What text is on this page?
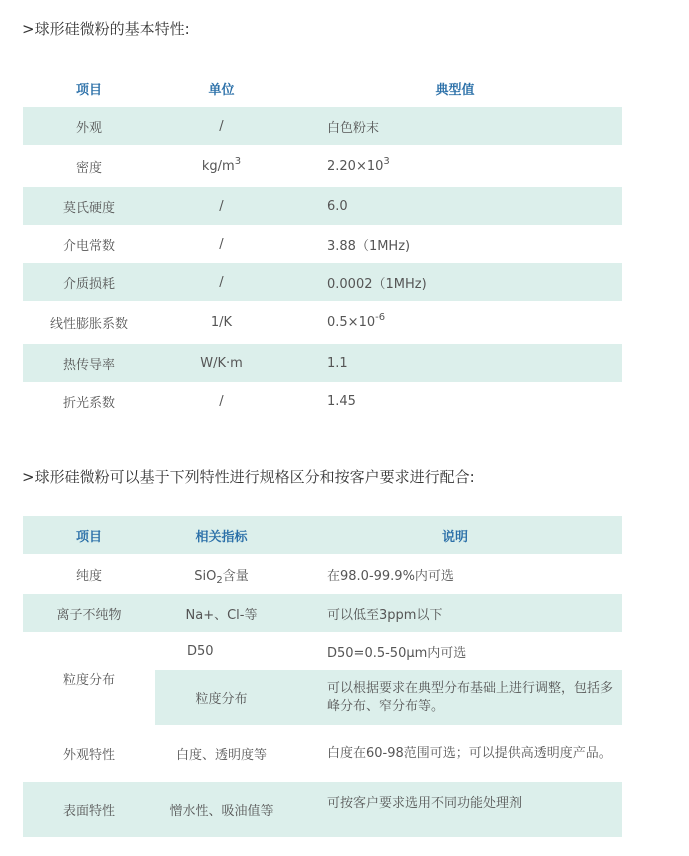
>球形硅微粉的基本特性:
项目	单位	典型值
外观	/	白色粉末
密度	$kg/m^3$	$2.20\times 10^3$
莫氏硬度	/	6.0
介电常数	/	3.88（1MHz)
介质损耗	/	0.0002（1MHz)
线性膨胀系数	1/K	$0.5\times 10^{-6}$
热传导率	W/K·m	1.1
折光系数	/	1.45
>球形硅微粉可以基于下列特性进行规格区分和按客户要求进行配合:
项目	相关指标	说明
纯度	SiO$_2$含量	在98.0-99.9%内可选
离子不纯物	Na+、Cl-等	可以低至3ppm以下
粒度分布	D50	D50=0.5-50μm内可选
	粒度分布	可以根据要求在典型分布基础上进行调整，包括多峰分布、窄分布等。
外观特性	白度、透明度等	白度在60-98范围可选；可以提供高透明度产品。
表面特性	憎水性、吸油值等	可按客户要求选用不同功能处理剂
